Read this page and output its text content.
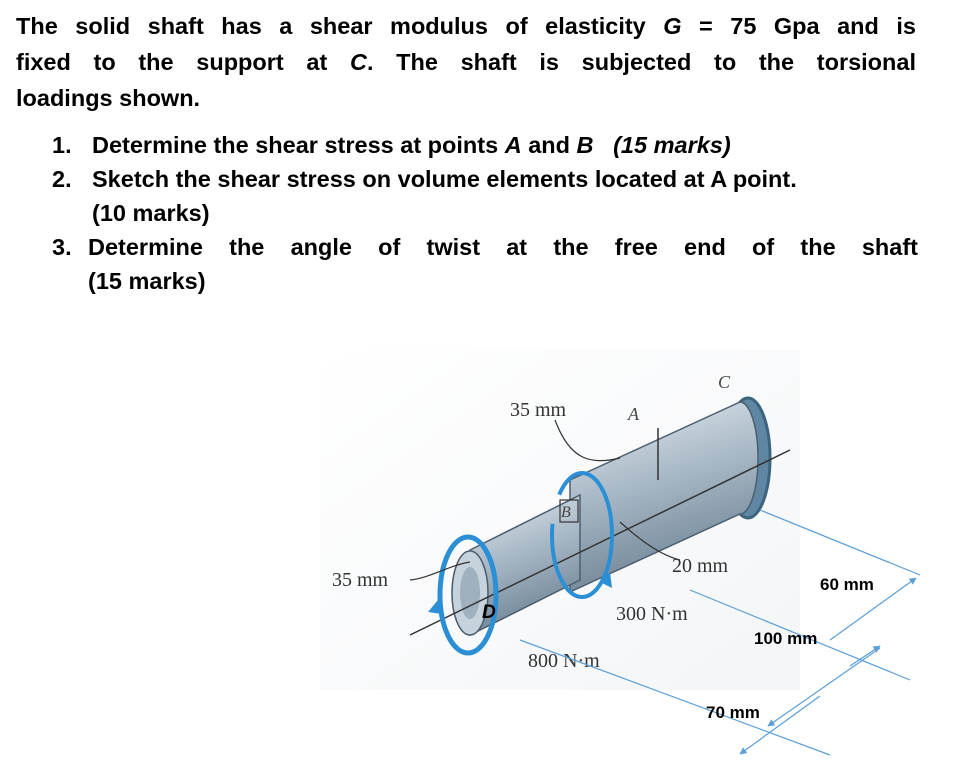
The solid shaft has a shear modulus of elasticity G = 75 Gpa and is
fixed to the support at C. The shaft is subjected to the torsional
loadings shown.
1. Determine the shear stress at points A and B (15 marks)
2. Sketch the shear stress on volume elements located at A point.
(10 marks)
3. Determine the angle of twist at the free end of the shaft
(15 marks)
C
A
B
D
35 mm
35 mm
20 mm
300 N·m
800 N·m
60 mm
100 mm
70 mm
